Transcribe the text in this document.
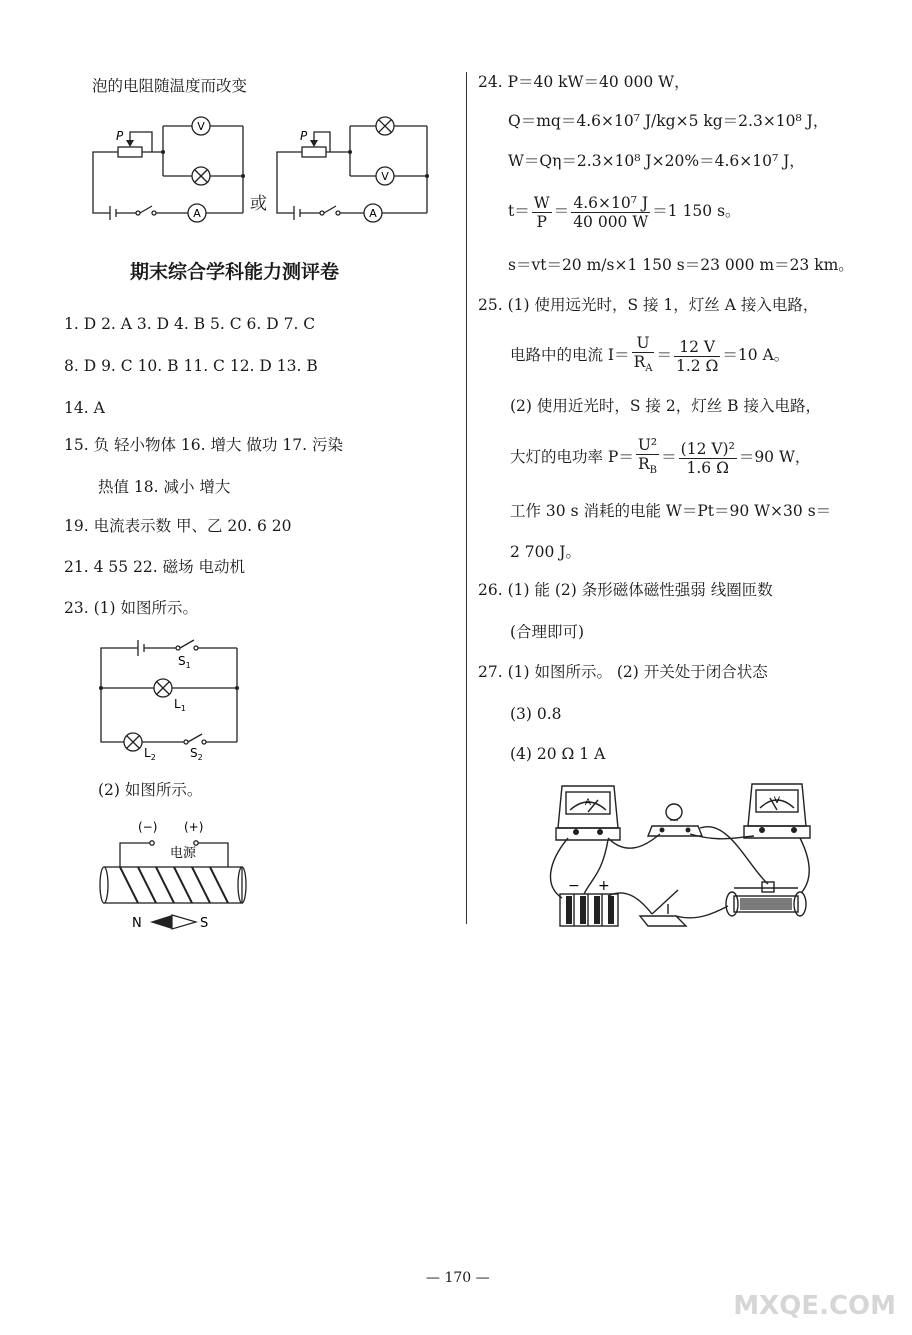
泡的电阻随温度而改变
P
V
A	或
P
V
A
期末综合学科能力测评卷
1. D 2. A 3. D 4. B 5. C 6. D 7. C
8. D 9. C 10. B 11. C 12. D 13. B
14. A
15. 负 轻小物体 16. 增大 做功 17. 污染
热值 18. 减小 增大
19. 电流表示数 甲、乙 20. 6 20
21. 4 55 22. 磁场 电动机
23. (1) 如图所示。
$S_1$
$L_1$
$L_2$	$S_2$
(2) 如图所示。
(−) (+)
电源
N	S
24. P＝40 kW＝40 000 W，
Q＝mq＝4.6×10⁷ J/kg×5 kg＝2.3×10⁸ J，
W＝Qη＝2.3×10⁸ J×20%＝4.6×10⁷ J，
$t= \frac{W}{P} = \frac{\text{4.6×10⁷ J}}{40 000 W} =1$ 150 s。
s＝vt＝20 m/s×1 150 s＝23 000 m＝23 km。
25. (1) 使用远光时，S 接 1，灯丝 A 接入电路，
电路中的电流 $I= \frac{U}{R_A} = \frac{12 V}{1.2 \Omega} =10$ A。
(2) 使用近光时，S 接 2，灯丝 B 接入电路，
大灯的电功率 $P= \frac{\text{U²}}{R_B} = \frac{\text{(12 V)²}}{1.6 \Omega} =90$ W，
工作 30 s 消耗的电能 W＝Pt＝90 W×30 s＝
2 700 J。
26. (1) 能 (2) 条形磁体磁性强弱 线圈匝数
(合理即可)
27. (1) 如图所示。 (2) 开关处于闭合状态
(3) 0.8
(4) 20 Ω 1 A
A	V
− +
— 170 —
MXQE.COM
